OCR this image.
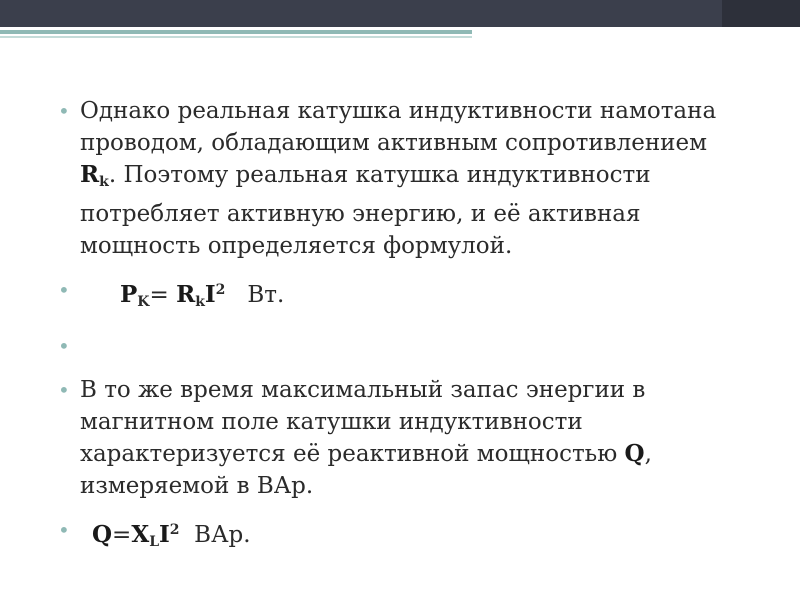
• Однако реальная катушка индуктивности намотана проводом, обладающим активным сопротивлением $R_k$. Поэтому реальная катушка индуктивности потребляет активную энергию, и её активная мощность определяется формулой.
• $P_K= R_kI^2$ Вт.
•
• В то же время максимальный запас энергии в магнитном поле катушки индуктивности характеризуется её реактивной мощностью Q, измеряемой в ВАр.
• $Q=X_LI^2$ ВАр.
